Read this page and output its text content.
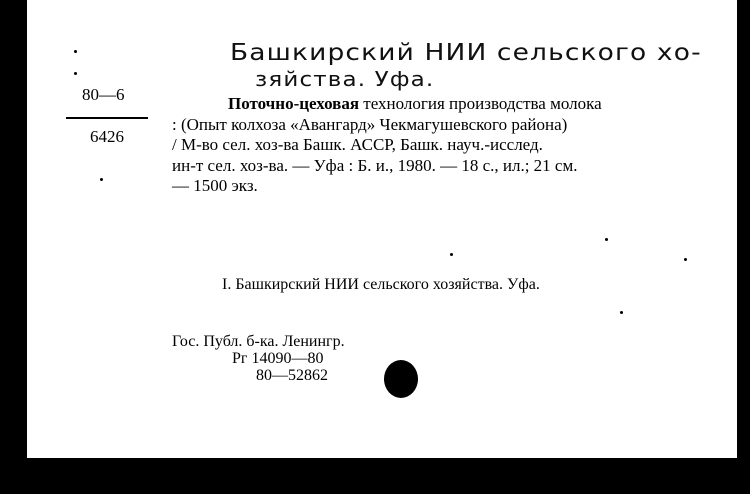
Башкирский НИИ сельского хо-
зяйства. Уфа.
80—6
6426
Поточно-цеховая технология производства молока
: (Опыт колхоза «Авангард» Чекмагушевского района)
/ М-во сел. хоз-ва Башк. АССР, Башк. науч.-исслед.
ин-т сел. хоз-ва. — Уфа : Б. и., 1980. — 18 с., ил.; 21 см.
— 1500 экз.
I. Башкирский НИИ сельского хозяйства. Уфа.
Гос. Публ. б-ка. Ленингр.
Рг 14090—80
80—52862
